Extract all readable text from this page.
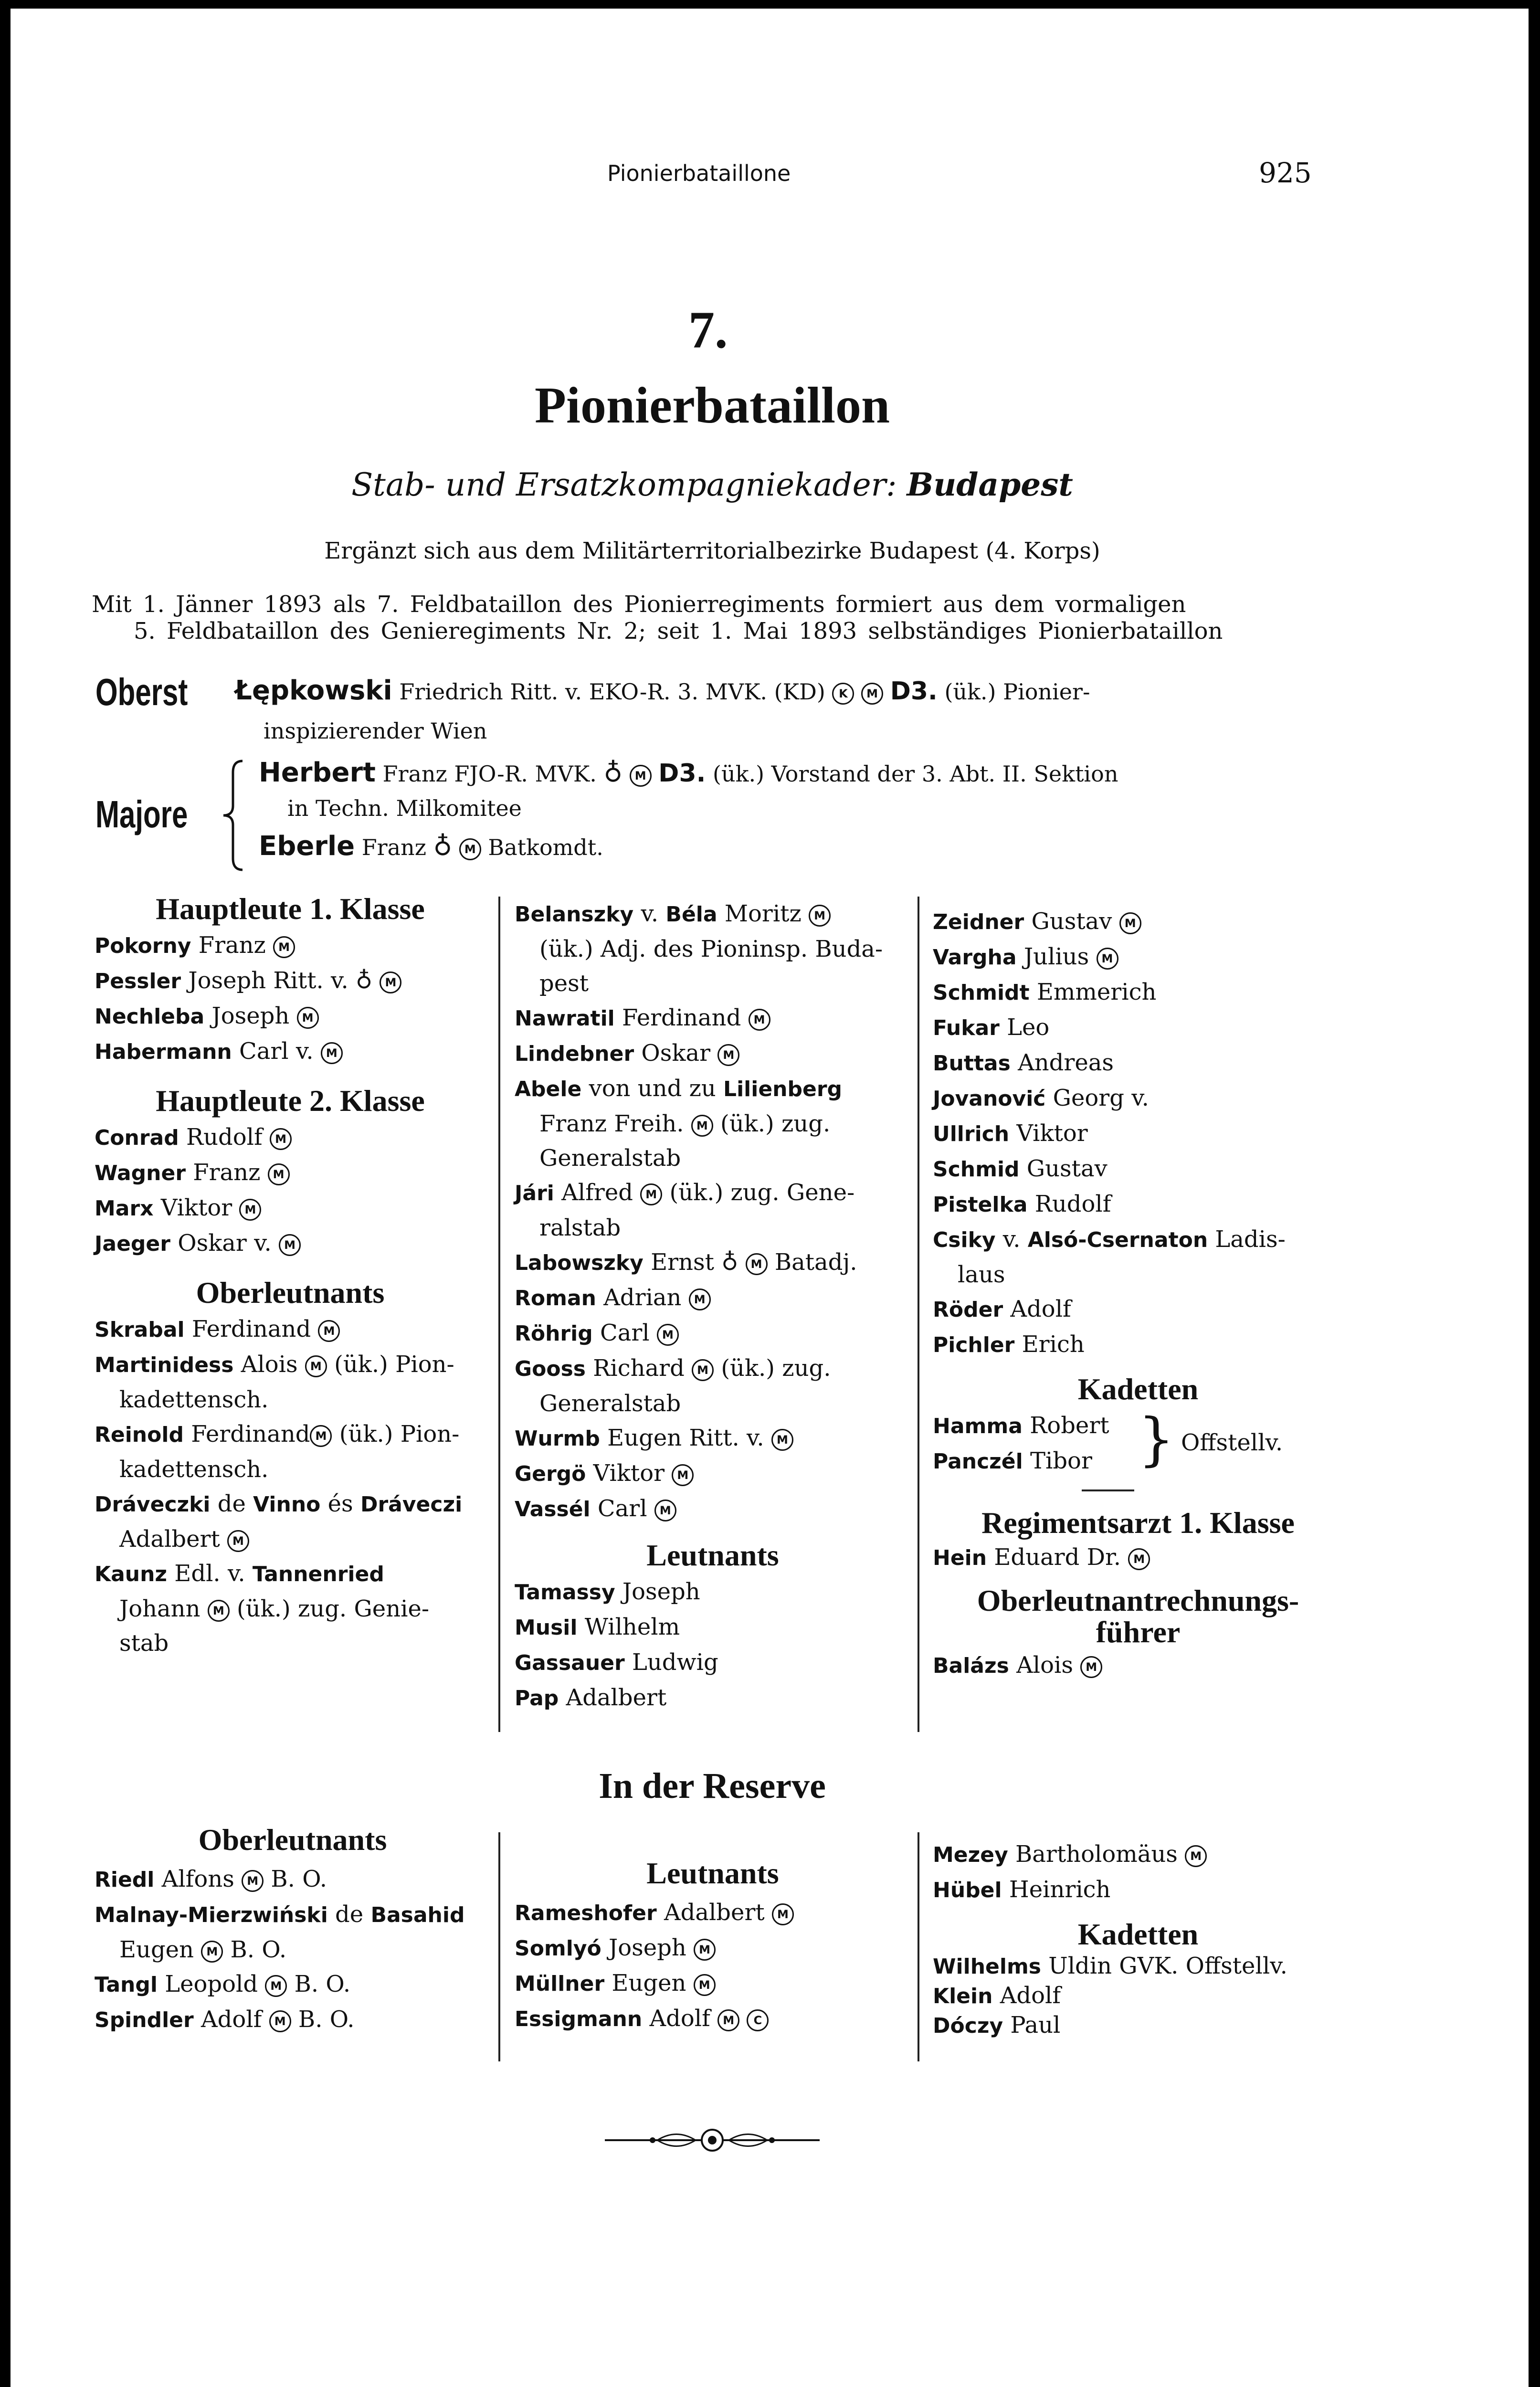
Pionierbataillone	925
7.
Pionierbataillon
Stab- und Ersatzkompagniekader: Budapest
Ergänzt sich aus dem Militärterritorialbezirke Budapest (4. Korps)
Mit 1. Jänner 1893 als 7. Feldbataillon des Pionierregiments formiert aus dem vormaligen
5. Feldbataillon des Genieregiments Nr. 2; seit 1. Mai 1893 selbständiges Pionierbataillon
Oberst Łępkowski Friedrich Ritt. v. EKO-R. 3. MVK. (KD) K M D3. (ük.) Pionier-
inspizierender Wien
Majore
Herbert Franz FJO-R. MVK. ♁ M D3. (ük.) Vorstand der 3. Abt. II. Sektion
in Techn. Milkomitee
Eberle Franz ♁ M Batkomdt.
Hauptleute 1. Klasse
Pokorny Franz M
Pessler Joseph Ritt. v. ♁ M
Nechleba Joseph M
Habermann Carl v. M
Hauptleute 2. Klasse
Conrad Rudolf M
Wagner Franz M
Marx Viktor M
Jaeger Oskar v. M
Oberleutnants
Skrabal Ferdinand M
Martinidess Alois M (ük.) Pion-
kadettensch.
Reinold Ferdinand M (ük.) Pion-
kadettensch.
Dráveczki de Vinno és Dráveczi
Adalbert M
Kaunz Edl. v. Tannenried
Johann M (ük.) zug. Genie-
stab
Belanszky v. Béla Moritz M
(ük.) Adj. des Pioninsp. Buda-
pest
Nawratil Ferdinand M
Lindebner Oskar M
Abele von und zu Lilienberg
Franz Freih. M (ük.) zug.
Generalstab
Jári Alfred M (ük.) zug. Gene-
ralstab
Labowszky Ernst ♁ M Batadj.
Roman Adrian M
Röhrig Carl M
Gooss Richard M (ük.) zug.
Generalstab
Wurmb Eugen Ritt. v. M
Gergö Viktor M
Vassél Carl M
Leutnants
Tamassy Joseph
Musil Wilhelm
Gassauer Ludwig
Pap Adalbert
Zeidner Gustav M
Vargha Julius M
Schmidt Emmerich
Fukar Leo
Buttas Andreas
Jovanović Georg v.
Ullrich Viktor
Schmid Gustav
Pistelka Rudolf
Csiky v. Alsó-Csernaton Ladis-
laus
Röder Adolf
Pichler Erich
Kadetten
Hamma Robert
Panczél Tibor } Offstellv.
Regimentsarzt 1. Klasse
Hein Eduard Dr. M
Oberleutnantrechnungs-
führer
Balázs Alois M
In der Reserve
Oberleutnants
Riedl Alfons M B. O.
Malnay-Mierzwiński de Basahid
Eugen M B. O.
Tangl Leopold M B. O.
Spindler Adolf M B. O.
Leutnants
Rameshofer Adalbert M
Somlyó Joseph M
Müllner Eugen M
Essigmann Adolf M C
Mezey Bartholomäus M
Hübel Heinrich
Kadetten
Wilhelms Uldin GVK. Offstellv.
Klein Adolf
Dóczy Paul
